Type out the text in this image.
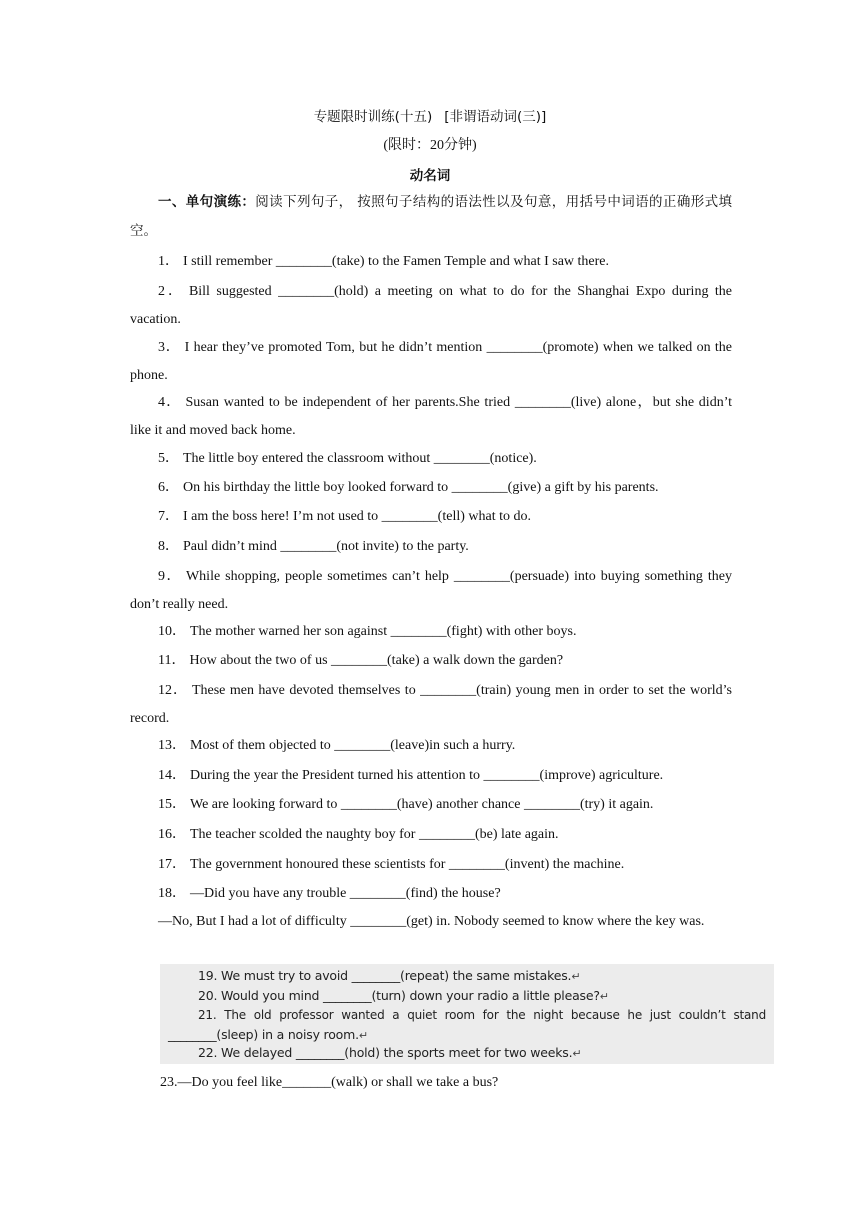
专题限时训练(十五) [非谓语动词(三)]
(限时：20分钟)
动名词
一、单句演练：阅读下列句子， 按照句子结构的语法性以及句意，用括号中词语的正确形式填空。
1． I still remember ________(take) to the Famen Temple and what I saw there.
2． Bill suggested ________(hold) a meeting on what to do for the Shanghai Expo during the vacation.
3． I hear they’ve promoted Tom, but he didn’t mention ________(promote) when we talked on the phone.
4． Susan wanted to be independent of her parents.She tried ________(live) alone，but she didn’t like it and moved back home.
5． The little boy entered the classroom without ________(notice).
6． On his birthday the little boy looked forward to ________(give) a gift by his parents.
7． I am the boss here! I’m not used to ________(tell) what to do.
8． Paul didn’t mind ________(not invite) to the party.
9． While shopping, people sometimes can’t help ________(persuade) into buying something they don’t really need.
10． The mother warned her son against ________(fight) with other boys.
11． How about the two of us ________(take) a walk down the garden?
12． These men have devoted themselves to ________(train) young men in order to set the world’s record.
13． Most of them objected to ________(leave)in such a hurry.
14． During the year the President turned his attention to ________(improve) agriculture.
15． We are looking forward to ________(have) another chance ________(try) it again.
16． The teacher scolded the naughty boy for ________(be) late again.
17． The government honoured these scientists for ________(invent) the machine.
18． —Did you have any trouble ________(find) the house?
—No, But I had a lot of difficulty ________(get) in. Nobody seemed to know where the key was.
19. We must try to avoid ________(repeat) the same mistakes.↵
20. Would you mind ________(turn) down your radio a little please?↵
21. The old professor wanted a quiet room for the night because he just couldn’t stand
________(sleep) in a noisy room.↵
22. We delayed ________(hold) the sports meet for two weeks.↵
23.—Do you feel like_______(walk) or shall we take a bus?
